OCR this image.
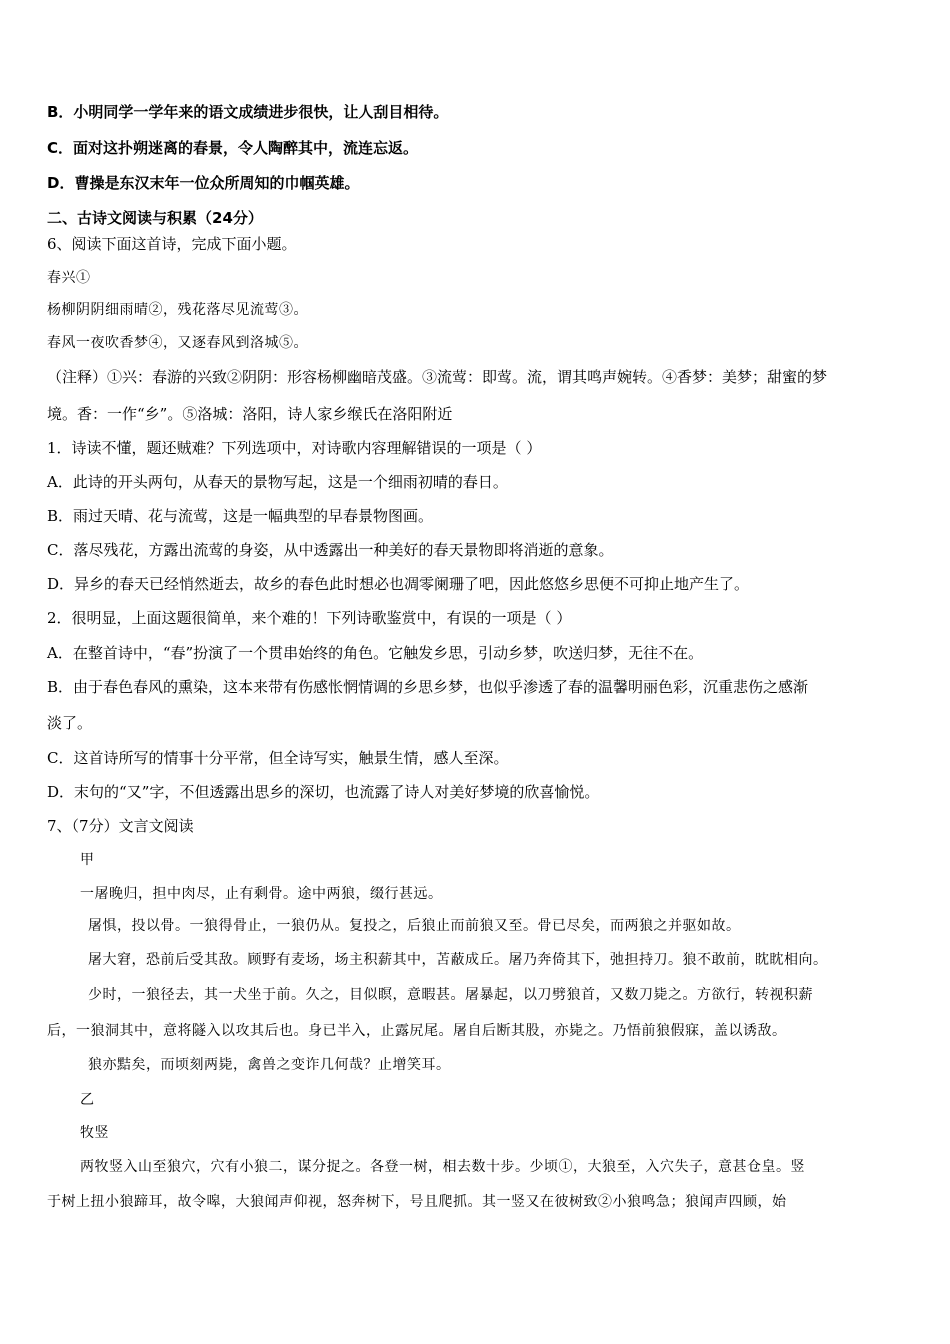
B．小明同学一学年来的语文成绩进步很快，让人刮目相待。
C．面对这扑朔迷离的春景，令人陶醉其中，流连忘返。
D．曹操是东汉末年一位众所周知的巾帼英雄。
二、古诗文阅读与积累（24分）
6、阅读下面这首诗，完成下面小题。
春兴①
杨柳阴阴细雨晴②，残花落尽见流莺③。
春风一夜吹香梦④，又逐春风到洛城⑤。
（注释）①兴：春游的兴致②阴阴：形容杨柳幽暗茂盛。③流莺：即莺。流，谓其鸣声婉转。④香梦：美梦；甜蜜的梦
境。香：一作“乡”。⑤洛城：洛阳，诗人家乡缑氏在洛阳附近
1．诗读不懂，题还贼难？下列选项中，对诗歌内容理解错误的一项是（ ）
A．此诗的开头两句，从春天的景物写起，这是一个细雨初晴的春日。
B．雨过天晴、花与流莺，这是一幅典型的早春景物图画。
C．落尽残花，方露出流莺的身姿，从中透露出一种美好的春天景物即将消逝的意象。
D．异乡的春天已经悄然逝去，故乡的春色此时想必也凋零阑珊了吧，因此悠悠乡思便不可抑止地产生了。
2．很明显，上面这题很简单，来个难的！下列诗歌鉴赏中，有误的一项是（ ）
A．在整首诗中，“春”扮演了一个贯串始终的角色。它触发乡思，引动乡梦，吹送归梦，无往不在。
B．由于春色春风的熏染，这本来带有伤感怅惘情调的乡思乡梦，也似乎渗透了春的温馨明丽色彩，沉重悲伤之感渐
淡了。
C．这首诗所写的情事十分平常，但全诗写实，触景生情，感人至深。
D．末句的“又”字，不但透露出思乡的深切，也流露了诗人对美好梦境的欣喜愉悦。
7、（7分）文言文阅读
甲
一屠晚归，担中肉尽，止有剩骨。途中两狼，缀行甚远。
屠惧，投以骨。一狼得骨止，一狼仍从。复投之，后狼止而前狼又至。骨已尽矣，而两狼之并驱如故。
屠大窘，恐前后受其敌。顾野有麦场，场主积薪其中，苫蔽成丘。屠乃奔倚其下，弛担持刀。狼不敢前，眈眈相向。
少时，一狼径去，其一犬坐于前。久之，目似瞑，意暇甚。屠暴起，以刀劈狼首，又数刀毙之。方欲行，转视积薪
后，一狼洞其中，意将隧入以攻其后也。身已半入，止露尻尾。屠自后断其股，亦毙之。乃悟前狼假寐，盖以诱敌。
狼亦黠矣，而顷刻两毙，禽兽之变诈几何哉？止增笑耳。
乙
牧竖
两牧竖入山至狼穴，穴有小狼二，谋分捉之。各登一树，相去数十步。少顷①，大狼至，入穴失子，意甚仓皇。竖
于树上扭小狼蹄耳，故令嗥，大狼闻声仰视，怒奔树下，号且爬抓。其一竖又在彼树致②小狼鸣急；狼闻声四顾，始
